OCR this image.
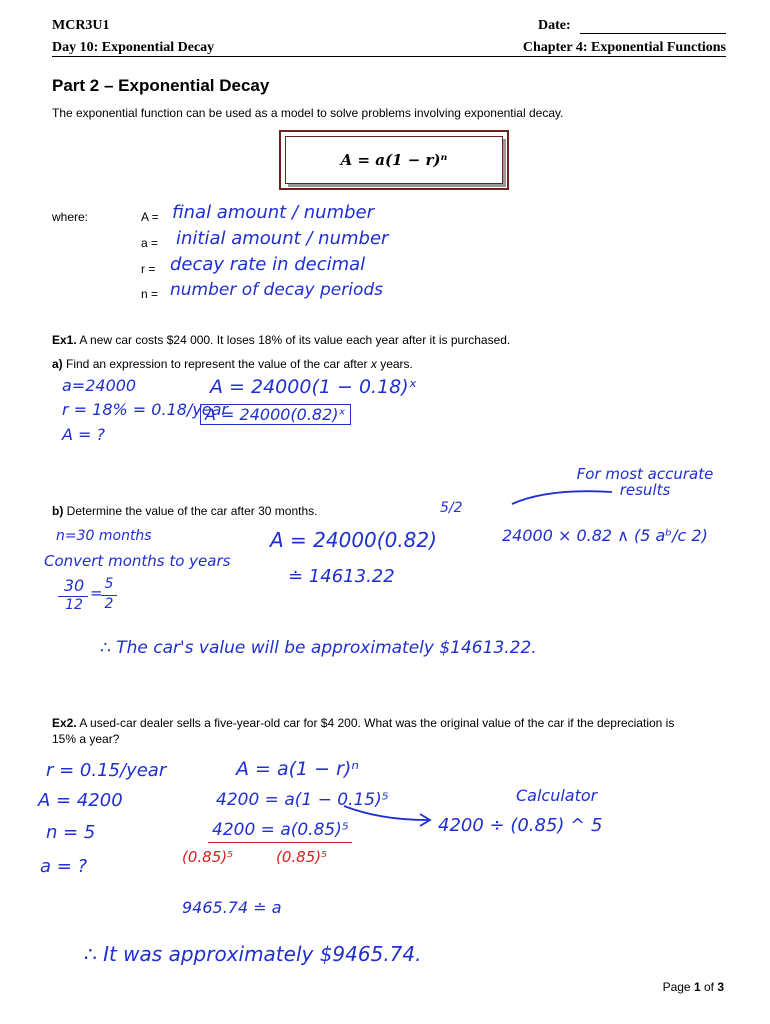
MCR3U1	Date:
Day 10: Exponential Decay	Chapter 4: Exponential Functions
Part 2 – Exponential Decay
The exponential function can be used as a model to solve problems involving exponential decay.
A = a(1 − r)ⁿ
where:	A = final amount / number
a = initial amount / number
r = decay rate in decimal
n = number of decay periods
Ex1. A new car costs $24 000. It loses 18% of its value each year after it is purchased.
a) Find an expression to represent the value of the car after x years.
a=24000
r = 18% = 0.18/year
A = ?
A = 24000(1 − 0.18)ˣ
A = 24000(0.82)ˣ
For most accurate results
b) Determine the value of the car after 30 months.	5/2
n=30 months
Convert months to years
30
12
= 5
2
A = 24000(0.82)
≐ 14613.22
24000 × 0.82 ∧ (5 aᵇ/c 2)
∴ The car's value will be approximately $14613.22.
Ex2. A used-car dealer sells a five-year-old car for $4 200. What was the original value of the car if the depreciation is 15% a year?
r = 0.15/year
A = 4200
n = 5
a = ?
A = a(1 − r)ⁿ
4200 = a(1 − 0.15)⁵
4200 = a(0.85)⁵
(0.85)⁵	(0.85)⁵
Calculator
4200 ÷ (0.85) ^ 5
9465.74 ≐ a
∴ It was approximately $9465.74.
Page 1 of 3
